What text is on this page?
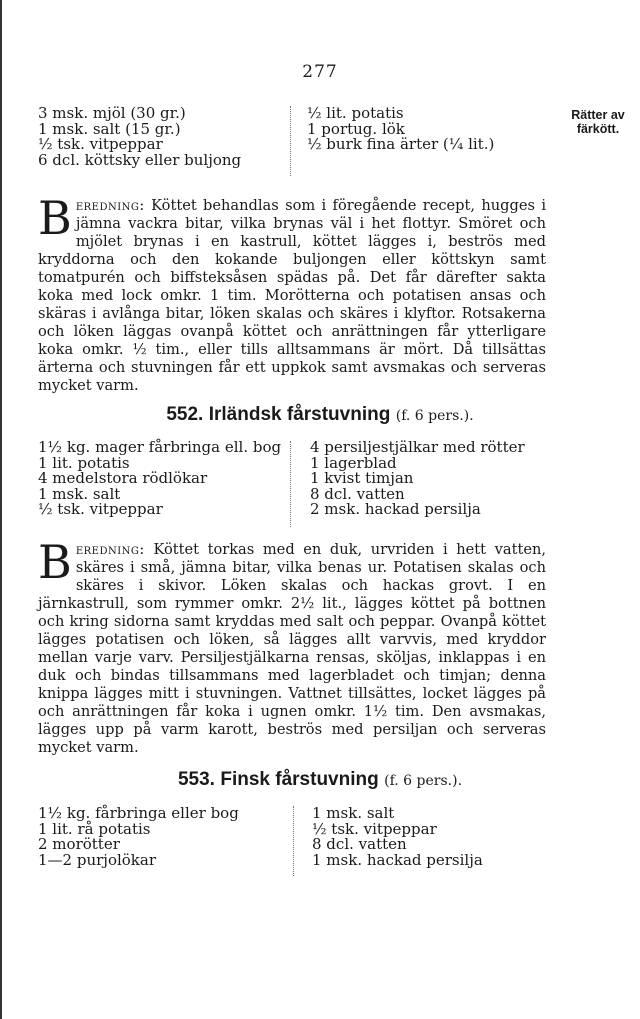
277
Rätter av
färkött.
3 msk. mjöl (30 gr.)
1 msk. salt (15 gr.)
½ tsk. vitpeppar
6 dcl. köttsky eller buljong
½ lit. potatis
1 portug. lök
½ burk fina ärter (¼ lit.)
Beredning: Köttet behandlas som i föregående recept, hugges i jämna vackra bitar, vilka brynas väl i het flottyr. Smöret och mjölet brynas i en kastrull, köttet lägges i, beströs med kryddorna och den kokande buljongen eller köttskyn samt tomatpurén och biffsteksåsen spädas på. Det får därefter sakta koka med lock omkr. 1 tim. Morötterna och potatisen ansas och skäras i avlånga bitar, löken skalas och skäres i klyftor. Rotsakerna och löken läggas ovanpå köttet och anrättningen får ytterligare koka omkr. ½ tim., eller tills alltsammans är mört. Då tillsättas ärterna och stuvningen får ett uppkok samt avsmakas och serveras mycket varm.
552. Irländsk fårstuvning (f. 6 pers.).
1½ kg. mager fårbringa ell. bog
1 lit. potatis
4 medelstora rödlökar
1 msk. salt
½ tsk. vitpeppar
4 persiljestjälkar med rötter
1 lagerblad
1 kvist timjan
8 dcl. vatten
2 msk. hackad persilja
Beredning: Köttet torkas med en duk, urvriden i hett vatten, skäres i små, jämna bitar, vilka benas ur. Potatisen skalas och skäres i skivor. Löken skalas och hackas grovt. I en järnkastrull, som rymmer omkr. 2½ lit., lägges köttet på bottnen och kring sidorna samt kryddas med salt och peppar. Ovanpå köttet lägges potatisen och löken, så lägges allt varvvis, med kryddor mellan varje varv. Persiljestjälkarna rensas, sköljas, inklappas i en duk och bindas tillsammans med lagerbladet och timjan; denna knippa lägges mitt i stuvningen. Vattnet tillsättes, locket lägges på och anrättningen får koka i ugnen omkr. 1½ tim. Den avsmakas, lägges upp på varm karott, beströs med persiljan och serveras mycket varm.
553. Finsk fårstuvning (f. 6 pers.).
1½ kg. fårbringa eller bog
1 lit. rå potatis
2 morötter
1—2 purjolökar
1 msk. salt
½ tsk. vitpeppar
8 dcl. vatten
1 msk. hackad persilja
